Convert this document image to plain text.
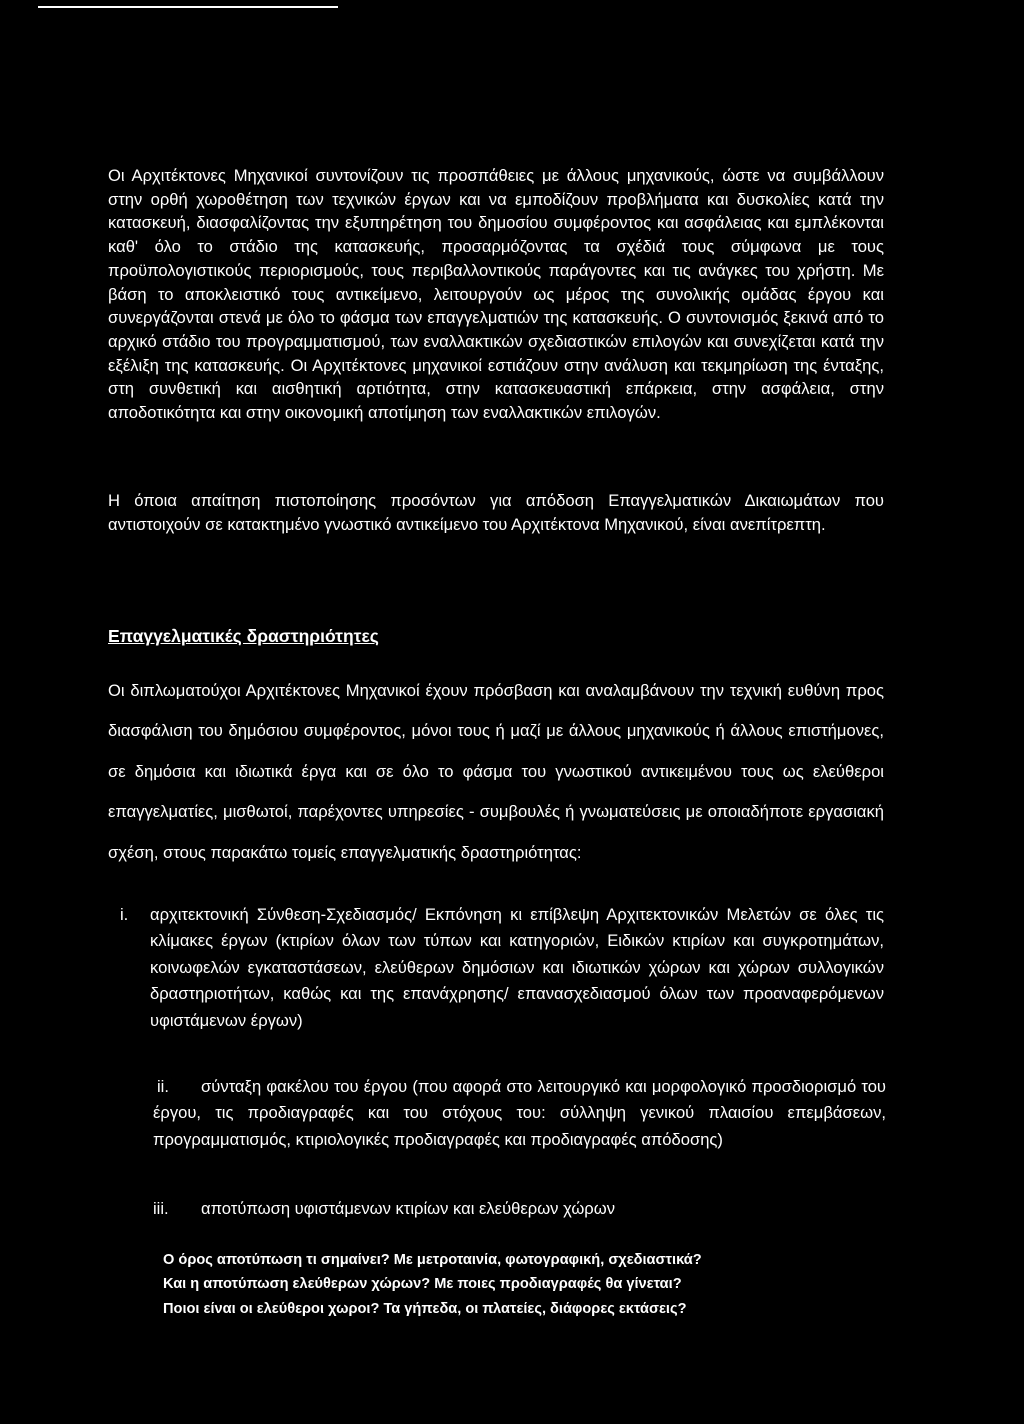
Οι Αρχιτέκτονες Μηχανικοί συντονίζουν τις προσπάθειες με άλλους μηχανικούς, ώστε να συμβάλλουν στην ορθή χωροθέτηση των τεχνικών έργων και να εμποδίζουν προβλήματα και δυσκολίες κατά την κατασκευή, διασφαλίζοντας την εξυπηρέτηση του δημοσίου συμφέροντος και ασφάλειας και εμπλέκονται καθ' όλο το στάδιο της κατασκευής, προσαρμόζοντας τα σχέδιά τους σύμφωνα με τους προϋπολογιστικούς περιορισμούς, τους περιβαλλοντικούς παράγοντες και τις ανάγκες του χρήστη. Με βάση το αποκλειστικό τους αντικείμενο, λειτουργούν ως μέρος της συνολικής ομάδας έργου και συνεργάζονται στενά με όλο το φάσμα των επαγγελματιών της κατασκευής. Ο συντονισμός ξεκινά από το αρχικό στάδιο του προγραμματισμού, των εναλλακτικών σχεδιαστικών επιλογών και συνεχίζεται κατά την εξέλιξη της κατασκευής. Οι Αρχιτέκτονες μηχανικοί εστιάζουν στην ανάλυση και τεκμηρίωση της ένταξης, στη συνθετική και αισθητική αρτιότητα, στην κατασκευαστική επάρκεια, στην ασφάλεια, στην αποδοτικότητα και στην οικονομική αποτίμηση των εναλλακτικών επιλογών.

Η όποια απαίτηση πιστοποίησης προσόντων για απόδοση Επαγγελματικών Δικαιωμάτων που αντιστοιχούν σε κατακτημένο γνωστικό αντικείμενο του Αρχιτέκτονα Μηχανικού, είναι ανεπίτρεπτη.

Επαγγελματικές δραστηριότητες

Οι διπλωματούχοι Αρχιτέκτονες Μηχανικοί έχουν πρόσβαση και αναλαμβάνουν την τεχνική ευθύνη προς διασφάλιση του δημόσιου συμφέροντος, μόνοι τους ή μαζί με άλλους μηχανικούς ή άλλους επιστήμονες, σε δημόσια και ιδιωτικά έργα και σε όλο το φάσμα του γνωστικού αντικειμένου τους ως ελεύθεροι επαγγελματίες, μισθωτοί, παρέχοντες υπηρεσίες - συμβουλές ή γνωματεύσεις με οποιαδήποτε εργασιακή σχέση, στους παρακάτω τομείς επαγγελματικής δραστηριότητας:

i. αρχιτεκτονική Σύνθεση-Σχεδιασμός/ Εκπόνηση κι επίβλεψη Αρχιτεκτονικών Μελετών σε όλες τις κλίμακες έργων (κτιρίων όλων των τύπων και κατηγοριών, Ειδικών κτιρίων και συγκροτημάτων, κοινωφελών εγκαταστάσεων, ελεύθερων δημόσιων και ιδιωτικών χώρων και χώρων συλλογικών δραστηριοτήτων, καθώς και της επανάχρησης/ επανασχεδιασμού όλων των προαναφερόμενων υφιστάμενων έργων)
ii.	σύνταξη φακέλου του έργου (που αφορά στο λειτουργικό και μορφολογικό προσδιορισμό του έργου, τις προδιαγραφές και του στόχους του: σύλληψη γενικού πλαισίου επεμβάσεων, προγραμματισμός, κτιριολογικές προδιαγραφές και προδιαγραφές απόδοσης)
iii. αποτύπωση υφιστάμενων κτιρίων και ελεύθερων χώρων
Ο όρος αποτύπωση τι σημαίνει? Με μετροταινία, φωτογραφική, σχεδιαστικά?
Και η αποτύπωση ελεύθερων χώρων? Με ποιες προδιαγραφές θα γίνεται?
Ποιοι είναι οι ελεύθεροι χωροι? Τα γήπεδα, οι πλατείες, διάφορες εκτάσεις?
